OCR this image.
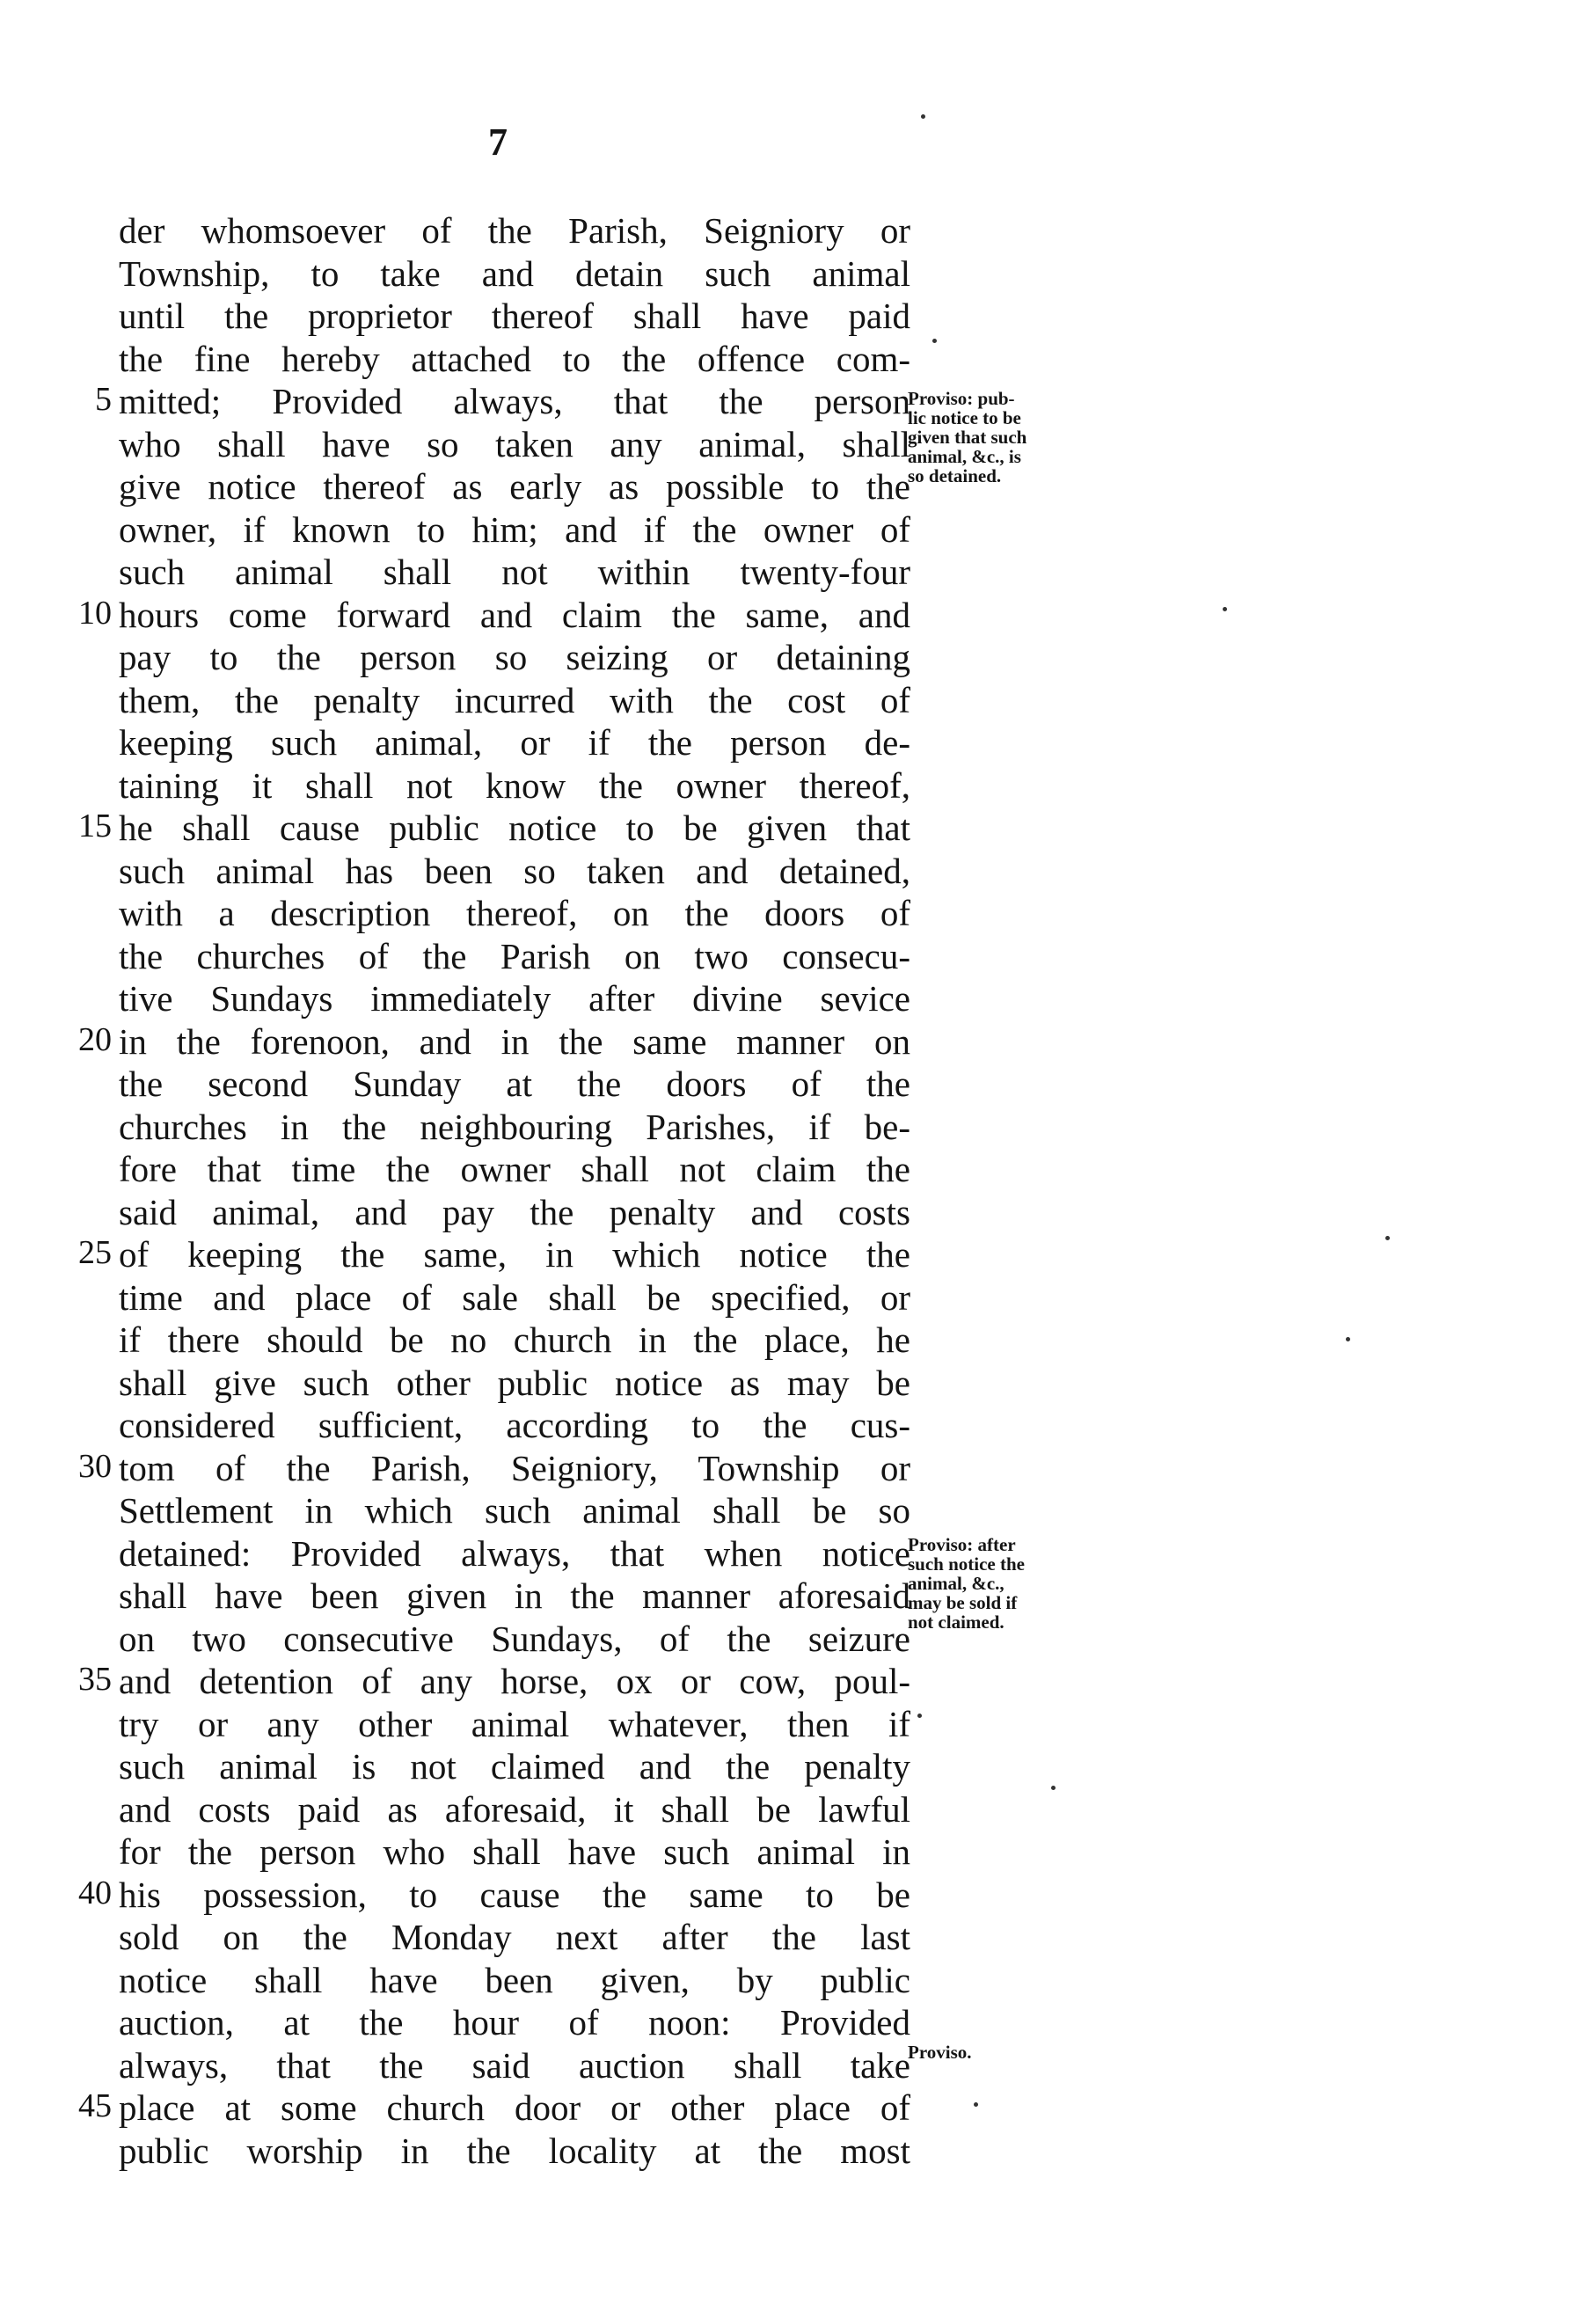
7
der whomsoever of the Parish, Seigniory or
Township, to take and detain such animal
until the proprietor thereof shall have paid
the fine hereby attached to the offence com-
mitted; Provided always, that the person
who shall have so taken any animal, shall
give notice thereof as early as possible to the
owner, if known to him; and if the owner of
such animal shall not within twenty-four
hours come forward and claim the same, and
pay to the person so seizing or detaining
them, the penalty incurred with the cost of
keeping such animal, or if the person de-
taining it shall not know the owner thereof,
he shall cause public notice to be given that
such animal has been so taken and detained,
with a description thereof, on the doors of
the churches of the Parish on two consecu-
tive Sundays immediately after divine sevice
in the forenoon, and in the same manner on
the second Sunday at the doors of the
churches in the neighbouring Parishes, if be-
fore that time the owner shall not claim the
said animal, and pay the penalty and costs
of keeping the same, in which notice the
time and place of sale shall be specified, or
if there should be no church in the place, he
shall give such other public notice as may be
considered sufficient, according to the cus-
tom of the Parish, Seigniory, Township or
Settlement in which such animal shall be so
detained: Provided always, that when notice
shall have been given in the manner aforesaid
on two consecutive Sundays, of the seizure
and detention of any horse, ox or cow, poul-
try or any other animal whatever, then if
such animal is not claimed and the penalty
and costs paid as aforesaid, it shall be lawful
for the person who shall have such animal in
his possession, to cause the same to be
sold on the Monday next after the last
notice shall have been given, by public
auction, at the hour of noon: Provided
always, that the said auction shall take
place at some church door or other place of
public worship in the locality at the most
5
10
15
20
25
30
35
40
45
Proviso: pub-
lic notice to be
given that such
animal, &c., is
so detained.
Proviso: after
such notice the
animal, &c.,
may be sold if
not claimed.
Proviso.
